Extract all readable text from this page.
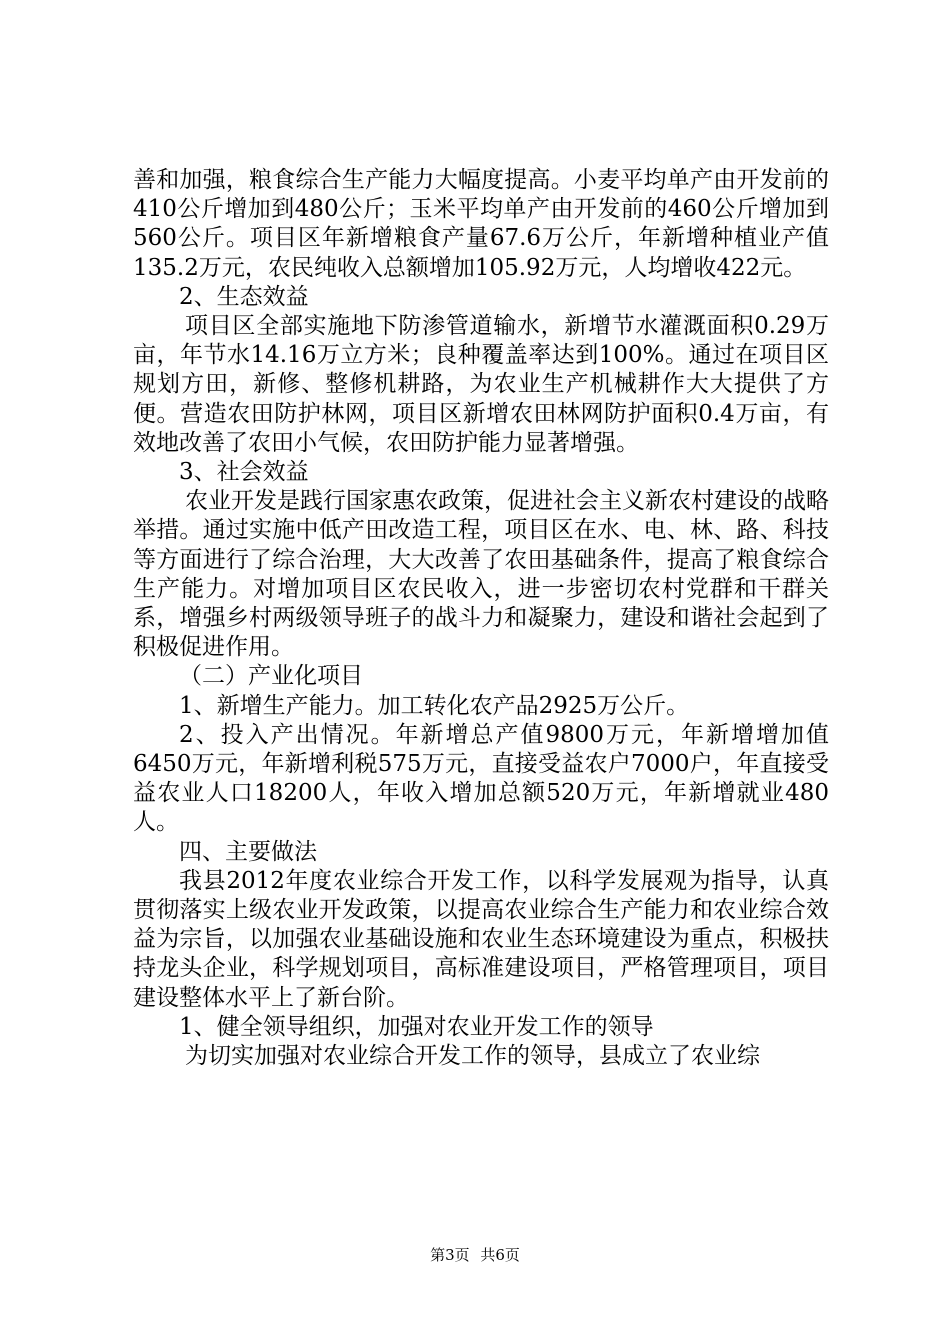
善和加强，粮食综合生产能力大幅度提高。小麦平均单产由开发前的410公斤增加到480公斤；玉米平均单产由开发前的460公斤增加到560公斤。项目区年新增粮食产量67.6万公斤，年新增种植业产值135.2万元，农民纯收入总额增加105.92万元，人均增收422元。

2、生态效益

项目区全部实施地下防渗管道输水，新增节水灌溉面积0.29万亩，年节水14.16万立方米；良种覆盖率达到100%。通过在项目区规划方田，新修、整修机耕路，为农业生产机械耕作大大提供了方便。营造农田防护林网，项目区新增农田林网防护面积0.4万亩，有效地改善了农田小气候，农田防护能力显著增强。

3、社会效益

农业开发是践行国家惠农政策，促进社会主义新农村建设的战略举措。通过实施中低产田改造工程，项目区在水、电、林、路、科技等方面进行了综合治理，大大改善了农田基础条件，提高了粮食综合生产能力。对增加项目区农民收入，进一步密切农村党群和干群关系，增强乡村两级领导班子的战斗力和凝聚力，建设和谐社会起到了积极促进作用。

（二）产业化项目

1、新增生产能力。加工转化农产品2925万公斤。

2、投入产出情况。年新增总产值9800万元，年新增增加值6450万元，年新增利税575万元，直接受益农户7000户，年直接受益农业人口18200人，年收入增加总额520万元，年新增就业480人。

四、主要做法

我县2012年度农业综合开发工作，以科学发展观为指导，认真贯彻落实上级农业开发政策，以提高农业综合生产能力和农业综合效益为宗旨，以加强农业基础设施和农业生态环境建设为重点，积极扶持龙头企业，科学规划项目，高标准建设项目，严格管理项目，项目建设整体水平上了新台阶。

1、健全领导组织，加强对农业开发工作的领导

为切实加强对农业综合开发工作的领导，县成立了农业综

第3页 共6页
